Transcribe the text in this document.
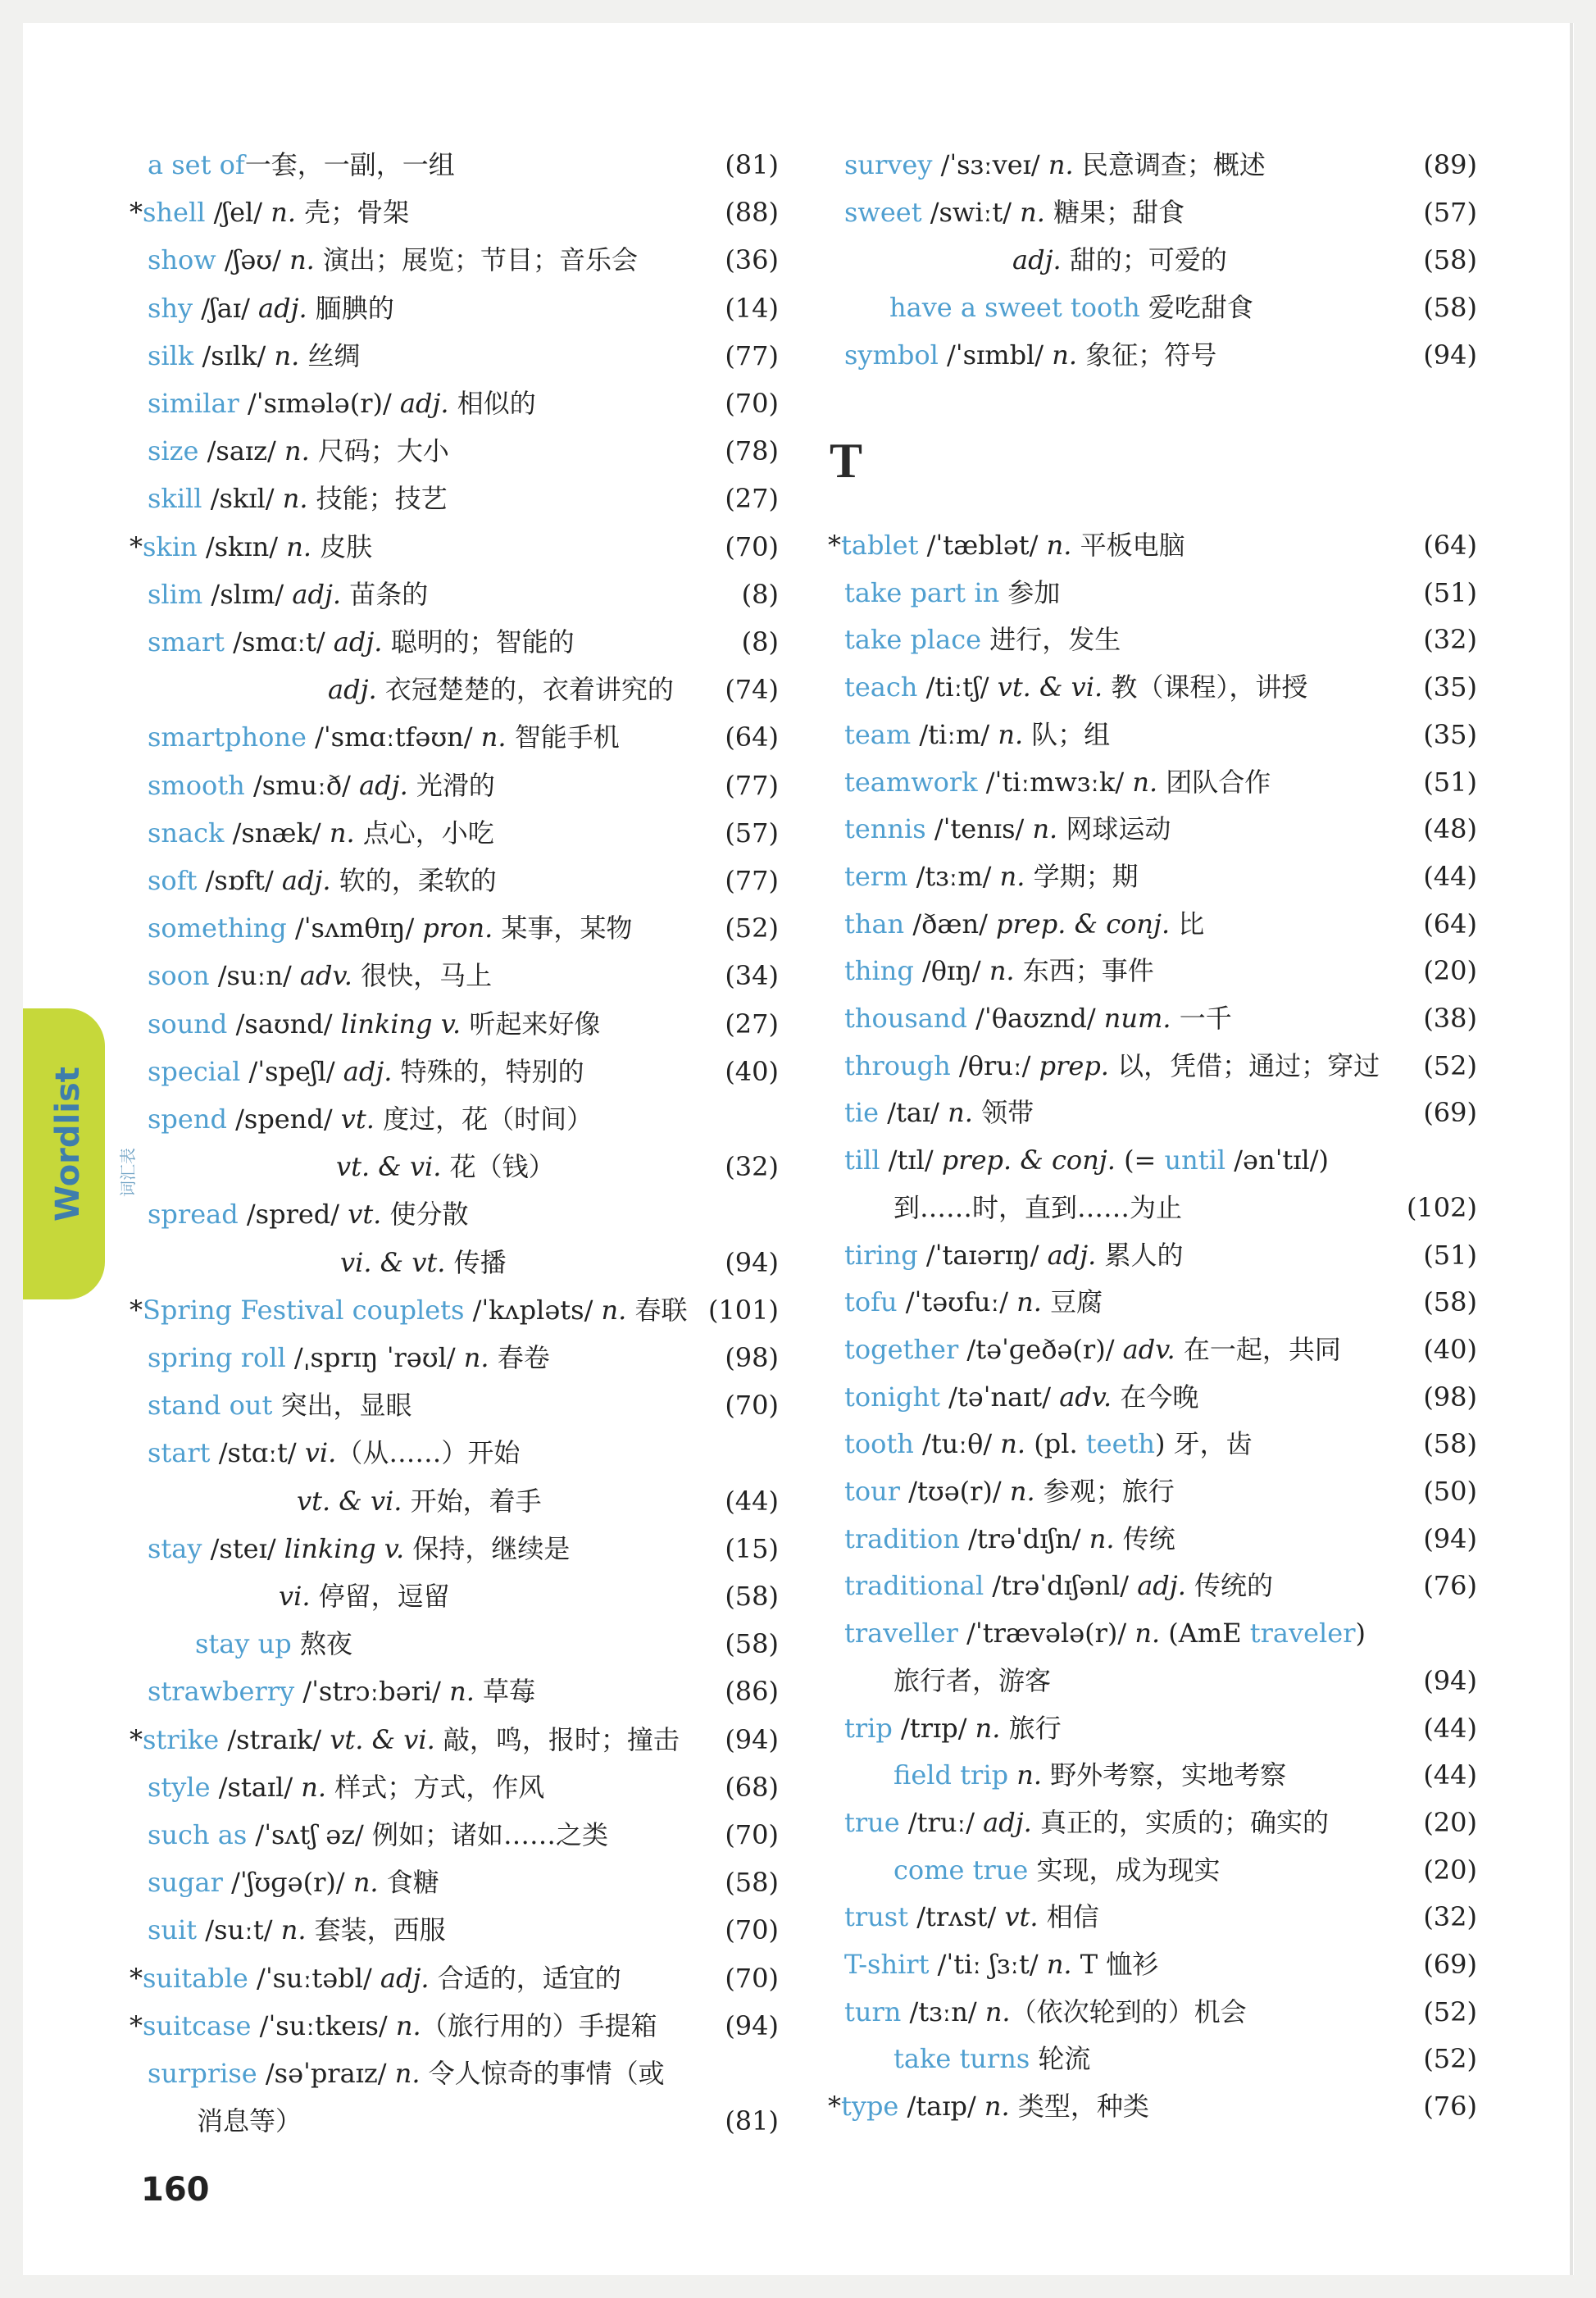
Wordlist 词汇表
a set of一套，一副，一组	(81)
*shell /ʃel/ n. 壳；骨架	(88)
show /ʃəʊ/ n. 演出；展览；节目；音乐会	(36)
shy /ʃaɪ/ adj. 腼腆的	(14)
silk /sɪlk/ n. 丝绸	(77)
similar /ˈsɪmələ(r)/ adj. 相似的	(70)
size /saɪz/ n. 尺码；大小	(78)
skill /skɪl/ n. 技能；技艺	(27)
*skin /skɪn/ n. 皮肤	(70)
slim /slɪm/ adj. 苗条的	(8)
smart /smɑːt/ adj. 聪明的；智能的	(8)
adj. 衣冠楚楚的，衣着讲究的 (74)
smartphone /ˈsmɑːtfəʊn/ n. 智能手机	(64)
smooth /smuːð/ adj. 光滑的	(77)
snack /snæk/ n. 点心，小吃	(57)
soft /sɒft/ adj. 软的，柔软的	(77)
something /ˈsʌmθɪŋ/ pron. 某事，某物	(52)
soon /suːn/ adv. 很快，马上	(34)
sound /saʊnd/ linking v. 听起来好像	(27)
special /ˈspeʃl/ adj. 特殊的，特别的	(40)
spend /spend/ vt. 度过，花（时间）
vt. & vi. 花（钱）	(32)
spread /spred/ vt. 使分散
vi. & vt. 传播	(94)
*Spring Festival couplets /ˈkʌpləts/ n. 春联 (101)
spring roll /ˌsprɪŋ ˈrəʊl/ n. 春卷	(98)
stand out 突出，显眼	(70)
start /stɑːt/ vi.（从……）开始
vt. & vi. 开始，着手	(44)
stay /steɪ/ linking v. 保持，继续是	(15)
vi. 停留，逗留	(58)
stay up 熬夜	(58)
strawberry /ˈstrɔːbəri/ n. 草莓	(86)
*strike /straɪk/ vt. & vi. 敲，鸣，报时；撞击 (94)
style /staɪl/ n. 样式；方式，作风	(68)
such as /ˈsʌtʃ əz/ 例如；诸如……之类	(70)
sugar /ˈʃʊɡə(r)/ n. 食糖	(58)
suit /suːt/ n. 套装，西服	(70)
*suitable /ˈsuːtəbl/ adj. 合适的，适宜的	(70)
*suitcase /ˈsuːtkeɪs/ n.（旅行用的）手提箱	(94)
surprise /səˈpraɪz/ n. 令人惊奇的事情（或
消息等）	(81)
survey /ˈsɜːveɪ/ n. 民意调查；概述	(89)
sweet /swiːt/ n. 糖果；甜食	(57)
adj. 甜的；可爱的	(58)
have a sweet tooth 爱吃甜食	(58)
symbol /ˈsɪmbl/ n. 象征；符号	(94)
*tablet /ˈtæblət/ n. 平板电脑	(64)
take part in 参加	(51)
take place 进行，发生	(32)
teach /tiːtʃ/ vt. & vi. 教（课程），讲授	(35)
team /tiːm/ n. 队；组	(35)
teamwork /ˈtiːmwɜːk/ n. 团队合作	(51)
tennis /ˈtenɪs/ n. 网球运动	(48)
term /tɜːm/ n. 学期；期	(44)
than /ðæn/ prep. & conj. 比	(64)
thing /θɪŋ/ n. 东西；事件	(20)
thousand /ˈθaʊznd/ num. 一千	(38)
through /θruː/ prep. 以，凭借；通过；穿过 (52)
tie /taɪ/ n. 领带	(69)
till /tɪl/ prep. & conj. (= until /ənˈtɪl/)
到……时，直到……为止	(102)
tiring /ˈtaɪərɪŋ/ adj. 累人的	(51)
tofu /ˈtəʊfuː/ n. 豆腐	(58)
together /təˈɡeðə(r)/ adv. 在一起，共同	(40)
tonight /təˈnaɪt/ adv. 在今晚	(98)
tooth /tuːθ/ n. (pl. teeth) 牙，齿	(58)
tour /tʊə(r)/ n. 参观；旅行	(50)
tradition /trəˈdɪʃn/ n. 传统	(94)
traditional /trəˈdɪʃənl/ adj. 传统的	(76)
traveller /ˈtrævələ(r)/ n. (AmE traveler)
旅行者，游客	(94)
trip /trɪp/ n. 旅行	(44)
field trip n. 野外考察，实地考察	(44)
true /truː/ adj. 真正的，实质的；确实的	(20)
come true 实现，成为现实	(20)
trust /trʌst/ vt. 相信	(32)
T-shirt /ˈtiː ʃɜːt/ n. T 恤衫	(69)
turn /tɜːn/ n.（依次轮到的）机会	(52)
take turns 轮流	(52)
*type /taɪp/ n. 类型，种类	(76)
T
160
